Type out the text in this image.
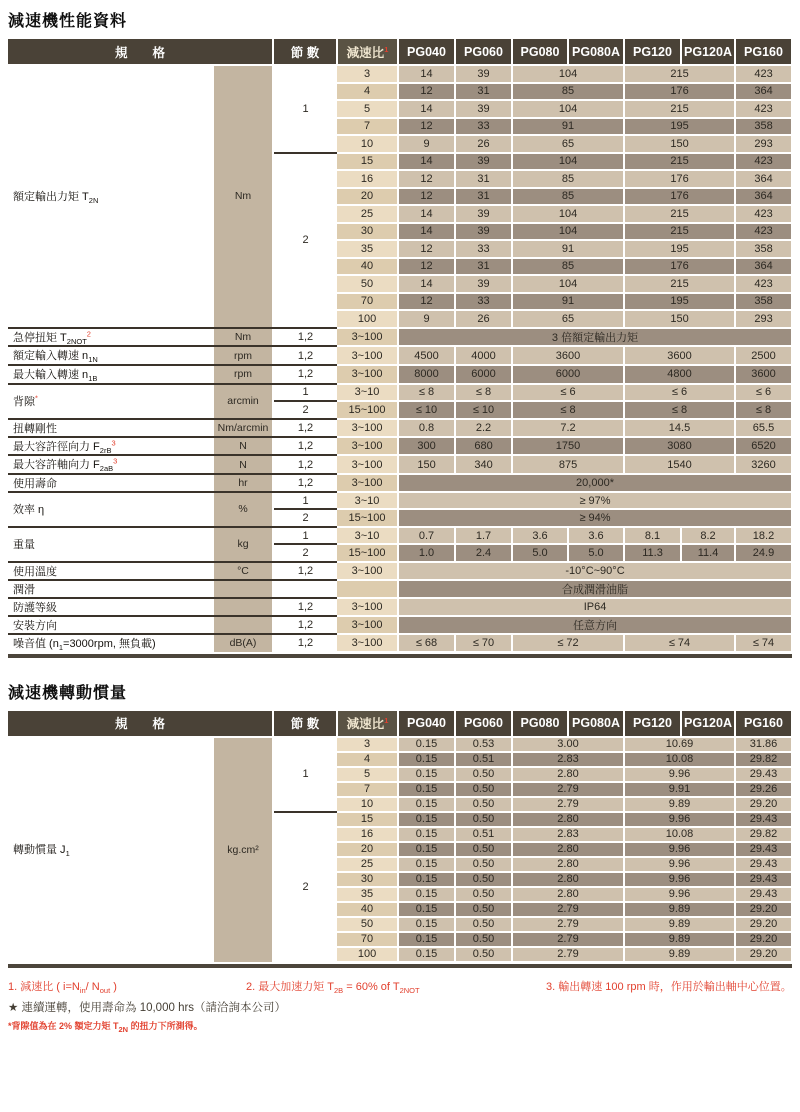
減速機性能資料
規　　格		節 數	減速比$^1$	PG040	PG060	PG080	PG080A	PG120	PG120A	PG160
額定輸出力矩 $T_{2N}$	Nm	1	3	14	39	104		215		423
			4	12	31	85		176		364
			5	14	39	104		215		423
			7	12	33	91		195		358
			10	9	26	65		150		293
		2	15	14	39	104		215		423
			16	12	31	85		176		364
			20	12	31	85		176		364
			25	14	39	104		215		423
			30	14	39	104		215		423
			35	12	33	91		195		358
			40	12	31	85		176		364
			50	14	39	104		215		423
			70	12	33	91		195		358
			100	9	26	65		150		293
急停扭矩 $T_{2NOT}^2$	Nm	1,2	3~100	3 倍額定輸出力矩						
額定輸入轉速 $n_{1N}$	rpm	1,2	3~100	4500	4000	3600		3600		2500
最大輸入轉速 $n_{1B}$	rpm	1,2	3~100	8000	6000	6000		4800		3600
背隙*	arcmin	1	3~10	≤ 8	≤ 8	≤ 6		≤ 6		≤ 6
		2	15~100	≤ 10	≤ 10	≤ 8		≤ 8		≤ 8
扭轉剛性	Nm/arcmin	1,2	3~100	0.8	2.2	7.2		14.5		65.5
最大容許徑向力 $F_{2rB}^3$	N	1,2	3~100	300	680	1750		3080		6520
最大容許軸向力 $F_{2aB}^3$	N	1,2	3~100	150	340	875		1540		3260
使用壽命	hr	1,2	3~100	20,000*						
效率 η	%	1	3~10	≥ 97%						
		2	15~100	≥ 94%						
重量	kg	1	3~10	0.7	1.7	3.6	3.6	8.1	8.2	18.2
		2	15~100	1.0	2.4	5.0	5.0	11.3	11.4	24.9
使用溫度	°C	1,2	3~100	-10°C~90°C						
潤滑				合成潤滑油脂						
防護等級		1,2	3~100	IP64						
安裝方向		1,2	3~100	任意方向						
噪音值 ($n_1=3000rpm$, 無負載)	dB(A)	1,2	3~100	≤ 68	≤ 70	≤ 72		≤ 74		≤ 74
減速機轉動慣量
規　　格		節 數	減速比$^1$	PG040	PG060	PG080	PG080A	PG120	PG120A	PG160
轉動慣量 $J_1$	kg.cm²	1	3	0.15	0.53	3.00		10.69		31.86
			4	0.15	0.51	2.83		10.08		29.82
			5	0.15	0.50	2.80		9.96		29.43
			7	0.15	0.50	2.79		9.91		29.26
			10	0.15	0.50	2.79		9.89		29.20
		2	15	0.15	0.50	2.80		9.96		29.43
			16	0.15	0.51	2.83		10.08		29.82
			20	0.15	0.50	2.80		9.96		29.43
			25	0.15	0.50	2.80		9.96		29.43
			30	0.15	0.50	2.80		9.96		29.43
			35	0.15	0.50	2.80		9.96		29.43
			40	0.15	0.50	2.79		9.89		29.20
			50	0.15	0.50	2.79		9.89		29.20
			70	0.15	0.50	2.79		9.89		29.20
			100	0.15	0.50	2.79		9.89		29.20
1. 減速比 ( $i=N_{in}/$ $N_{out}$ )	2. 最大加速力矩 $T_{2B} = 60\%$ of $T_{2NOT}$	3. 輸出轉速 100 rpm 時，作用於輸出軸中心位置。
★ 連續運轉，使用壽命為 10,000 hrs（請洽詢本公司）
*背隙值為在 2% 額定力矩 $T_{2N}$ 的扭力下所測得。
